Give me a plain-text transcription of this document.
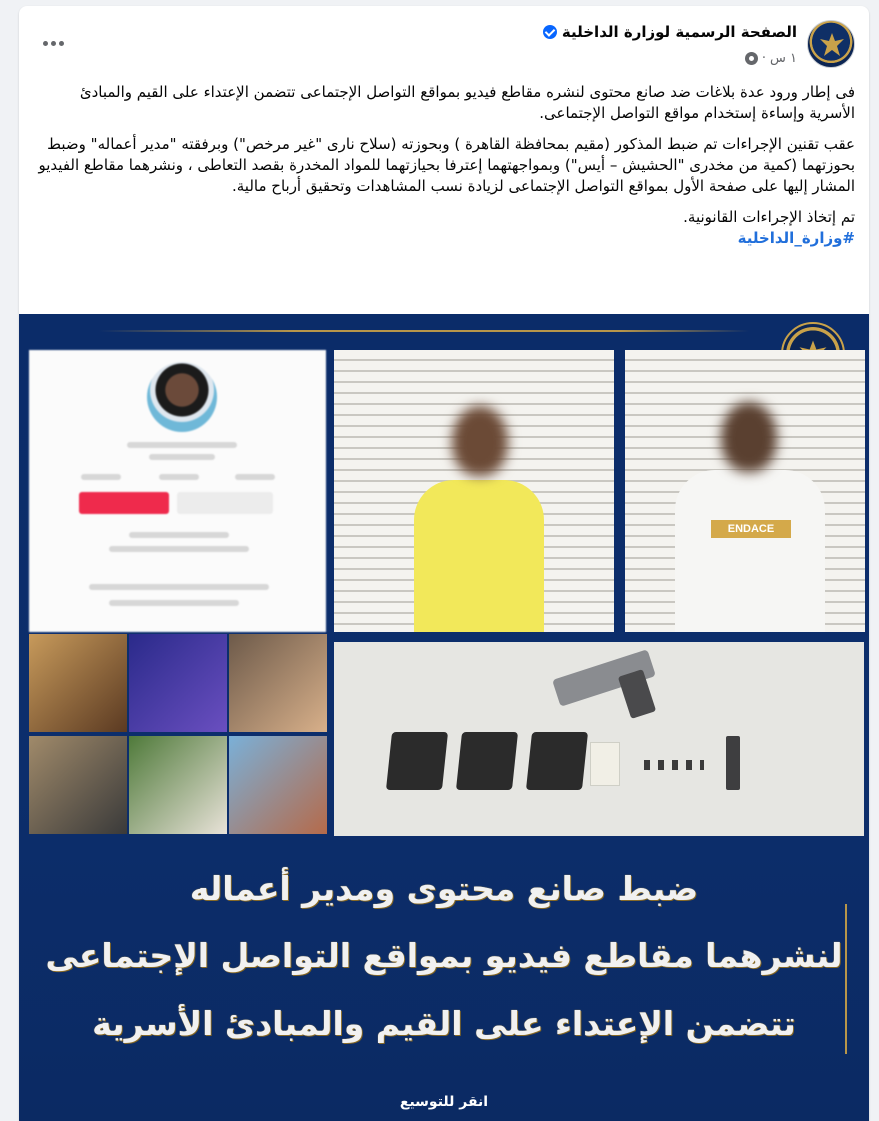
الصفحة الرسمية لوزارة الداخلية
١ س
·

فى إطار ورود عدة بلاغات ضد صانع محتوى لنشره مقاطع فيديو بمواقع التواصل الإجتماعى تتضمن الإعتداء على القيم والمبادئ الأسرية وإساءة إستخدام مواقع التواصل الإجتماعى.

عقب تقنين الإجراءات تم ضبط المذكور (مقيم بمحافظة القاهرة ) وبحوزته (سلاح نارى "غير مرخص") وبرفقته "مدير أعماله" وضبط بحوزتهما (كمية من مخدرى "الحشيش – أيس") وبمواجهتهما إعترفا بحيازتهما للمواد المخدرة بقصد التعاطى ، ونشرهما مقاطع الفيديو المشار إليها على صفحة الأول بمواقع التواصل الإجتماعى لزيادة نسب المشاهدات وتحقيق أرباح مالية.

تم إتخاذ الإجراءات القانونية.

#وزارة_الداخلية
ENDACE
ضبط صانع محتوى ومدير أعماله
لنشرهما مقاطع فيديو بمواقع التواصل الإجتماعى
تتضمن الإعتداء على القيم والمبادئ الأسرية
انقر للتوسيع
